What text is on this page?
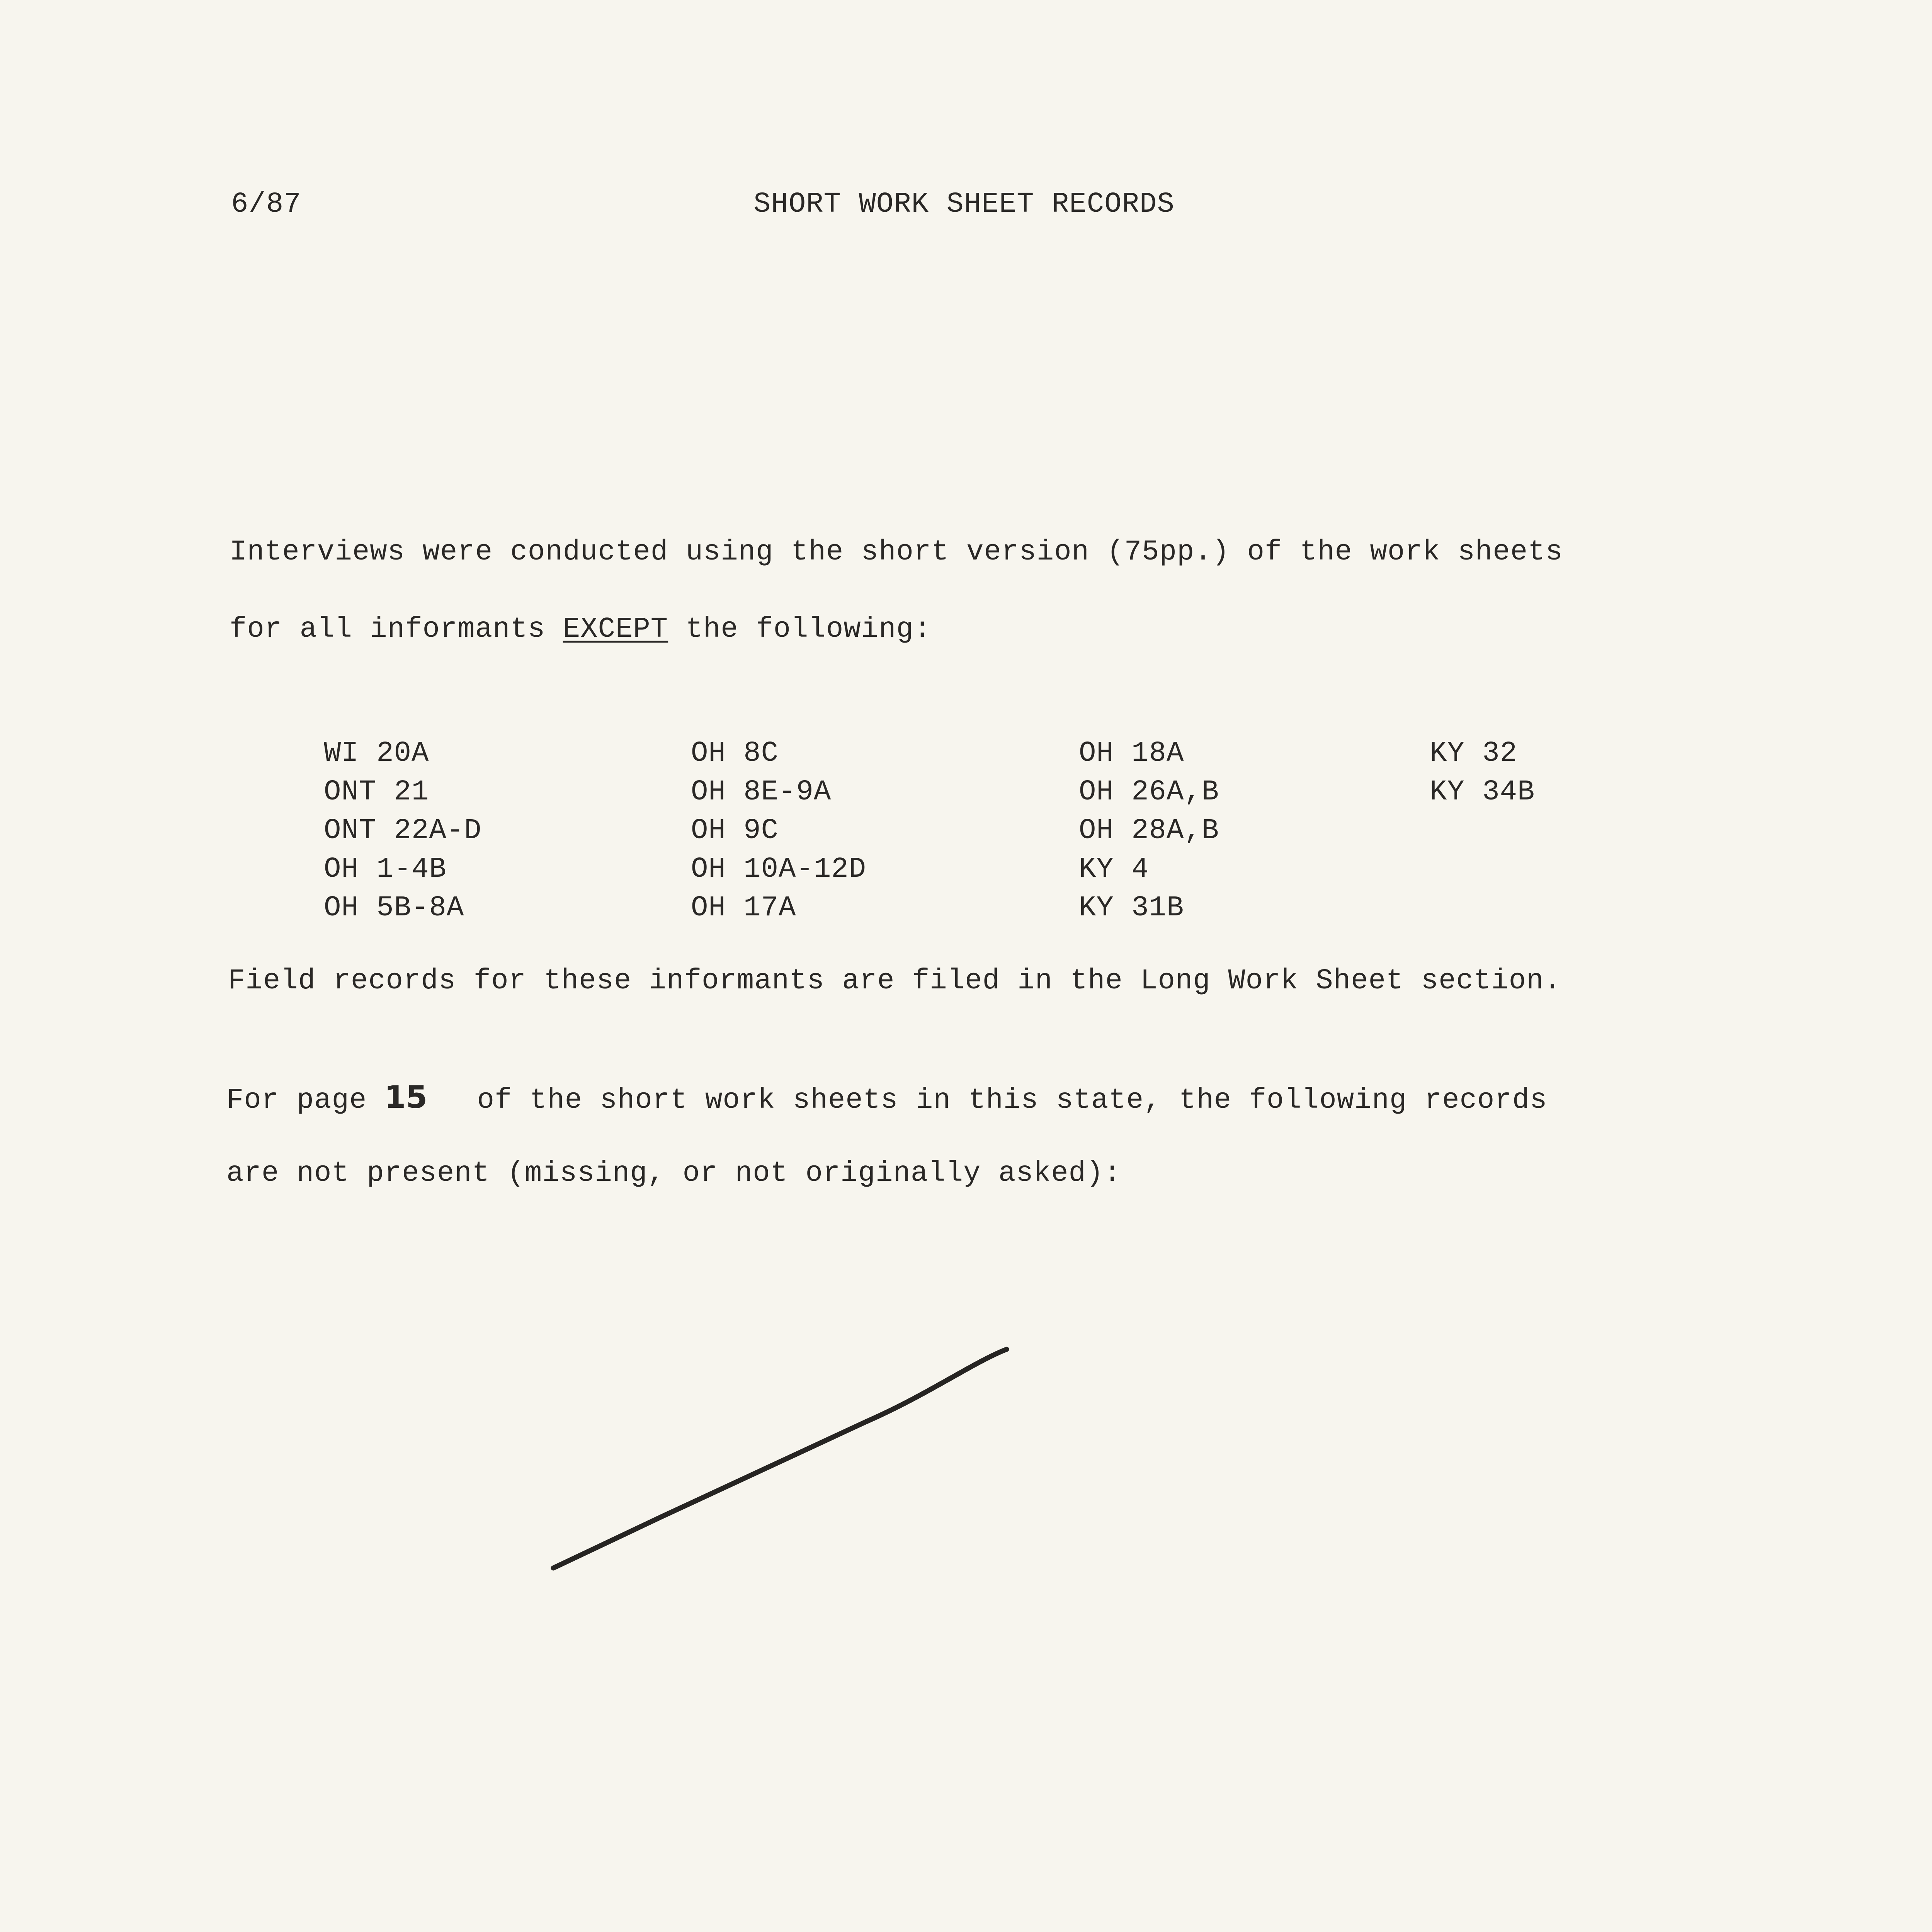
6/87	SHORT WORK SHEET RECORDS
Interviews were conducted using the short version (75pp.) of the work sheets
for all informants EXCEPT the following:
WI 20A
ONT 21
ONT 22A-D
OH 1-4B
OH 5B-8A
OH 8C
OH 8E-9A
OH 9C
OH 10A-12D
OH 17A
OH 18A
OH 26A,B
OH 28A,B
KY 4
KY 31B
KY 32
KY 34B
Field records for these informants are filed in the Long Work Sheet section.
For page 15 of the short work sheets in this state, the following records
are not present (missing, or not originally asked):
